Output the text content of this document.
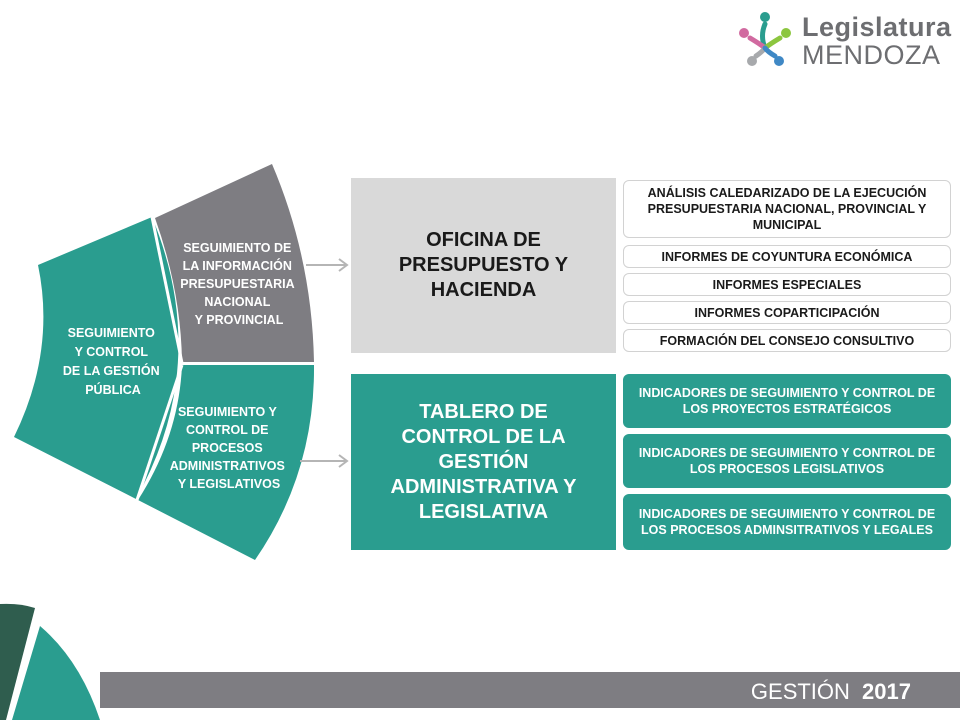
SEGUIMIENTO Y CONTROL DE LA GESTIÓN PÚBLICA
SEGUIMIENTO DE LA INFORMACIÓN PRESUPUESTARIA NACIONAL Y PROVINCIAL
SEGUIMIENTO Y CONTROL DE PROCESOS ADMINISTRATIVOS Y LEGISLATIVOS
GESTIÓN 2017
Legislatura
MENDOZA
OFICINA DE PRESUPUESTO Y HACIENDA
ANÁLISIS CALEDARIZADO DE LA EJECUCIÓN PRESUPUESTARIA NACIONAL, PROVINCIAL Y MUNICIPAL
INFORMES DE COYUNTURA ECONÓMICA
INFORMES ESPECIALES
INFORMES COPARTICIPACIÓN
FORMACIÓN DEL CONSEJO CONSULTIVO
TABLERO DE CONTROL DE LA GESTIÓN ADMINISTRATIVA Y LEGISLATIVA
INDICADORES DE SEGUIMIENTO Y CONTROL DE LOS PROYECTOS ESTRATÉGICOS
INDICADORES DE SEGUIMIENTO Y CONTROL DE LOS PROCESOS LEGISLATIVOS
INDICADORES DE SEGUIMIENTO Y CONTROL DE LOS PROCESOS ADMINSITRATIVOS Y LEGALES
